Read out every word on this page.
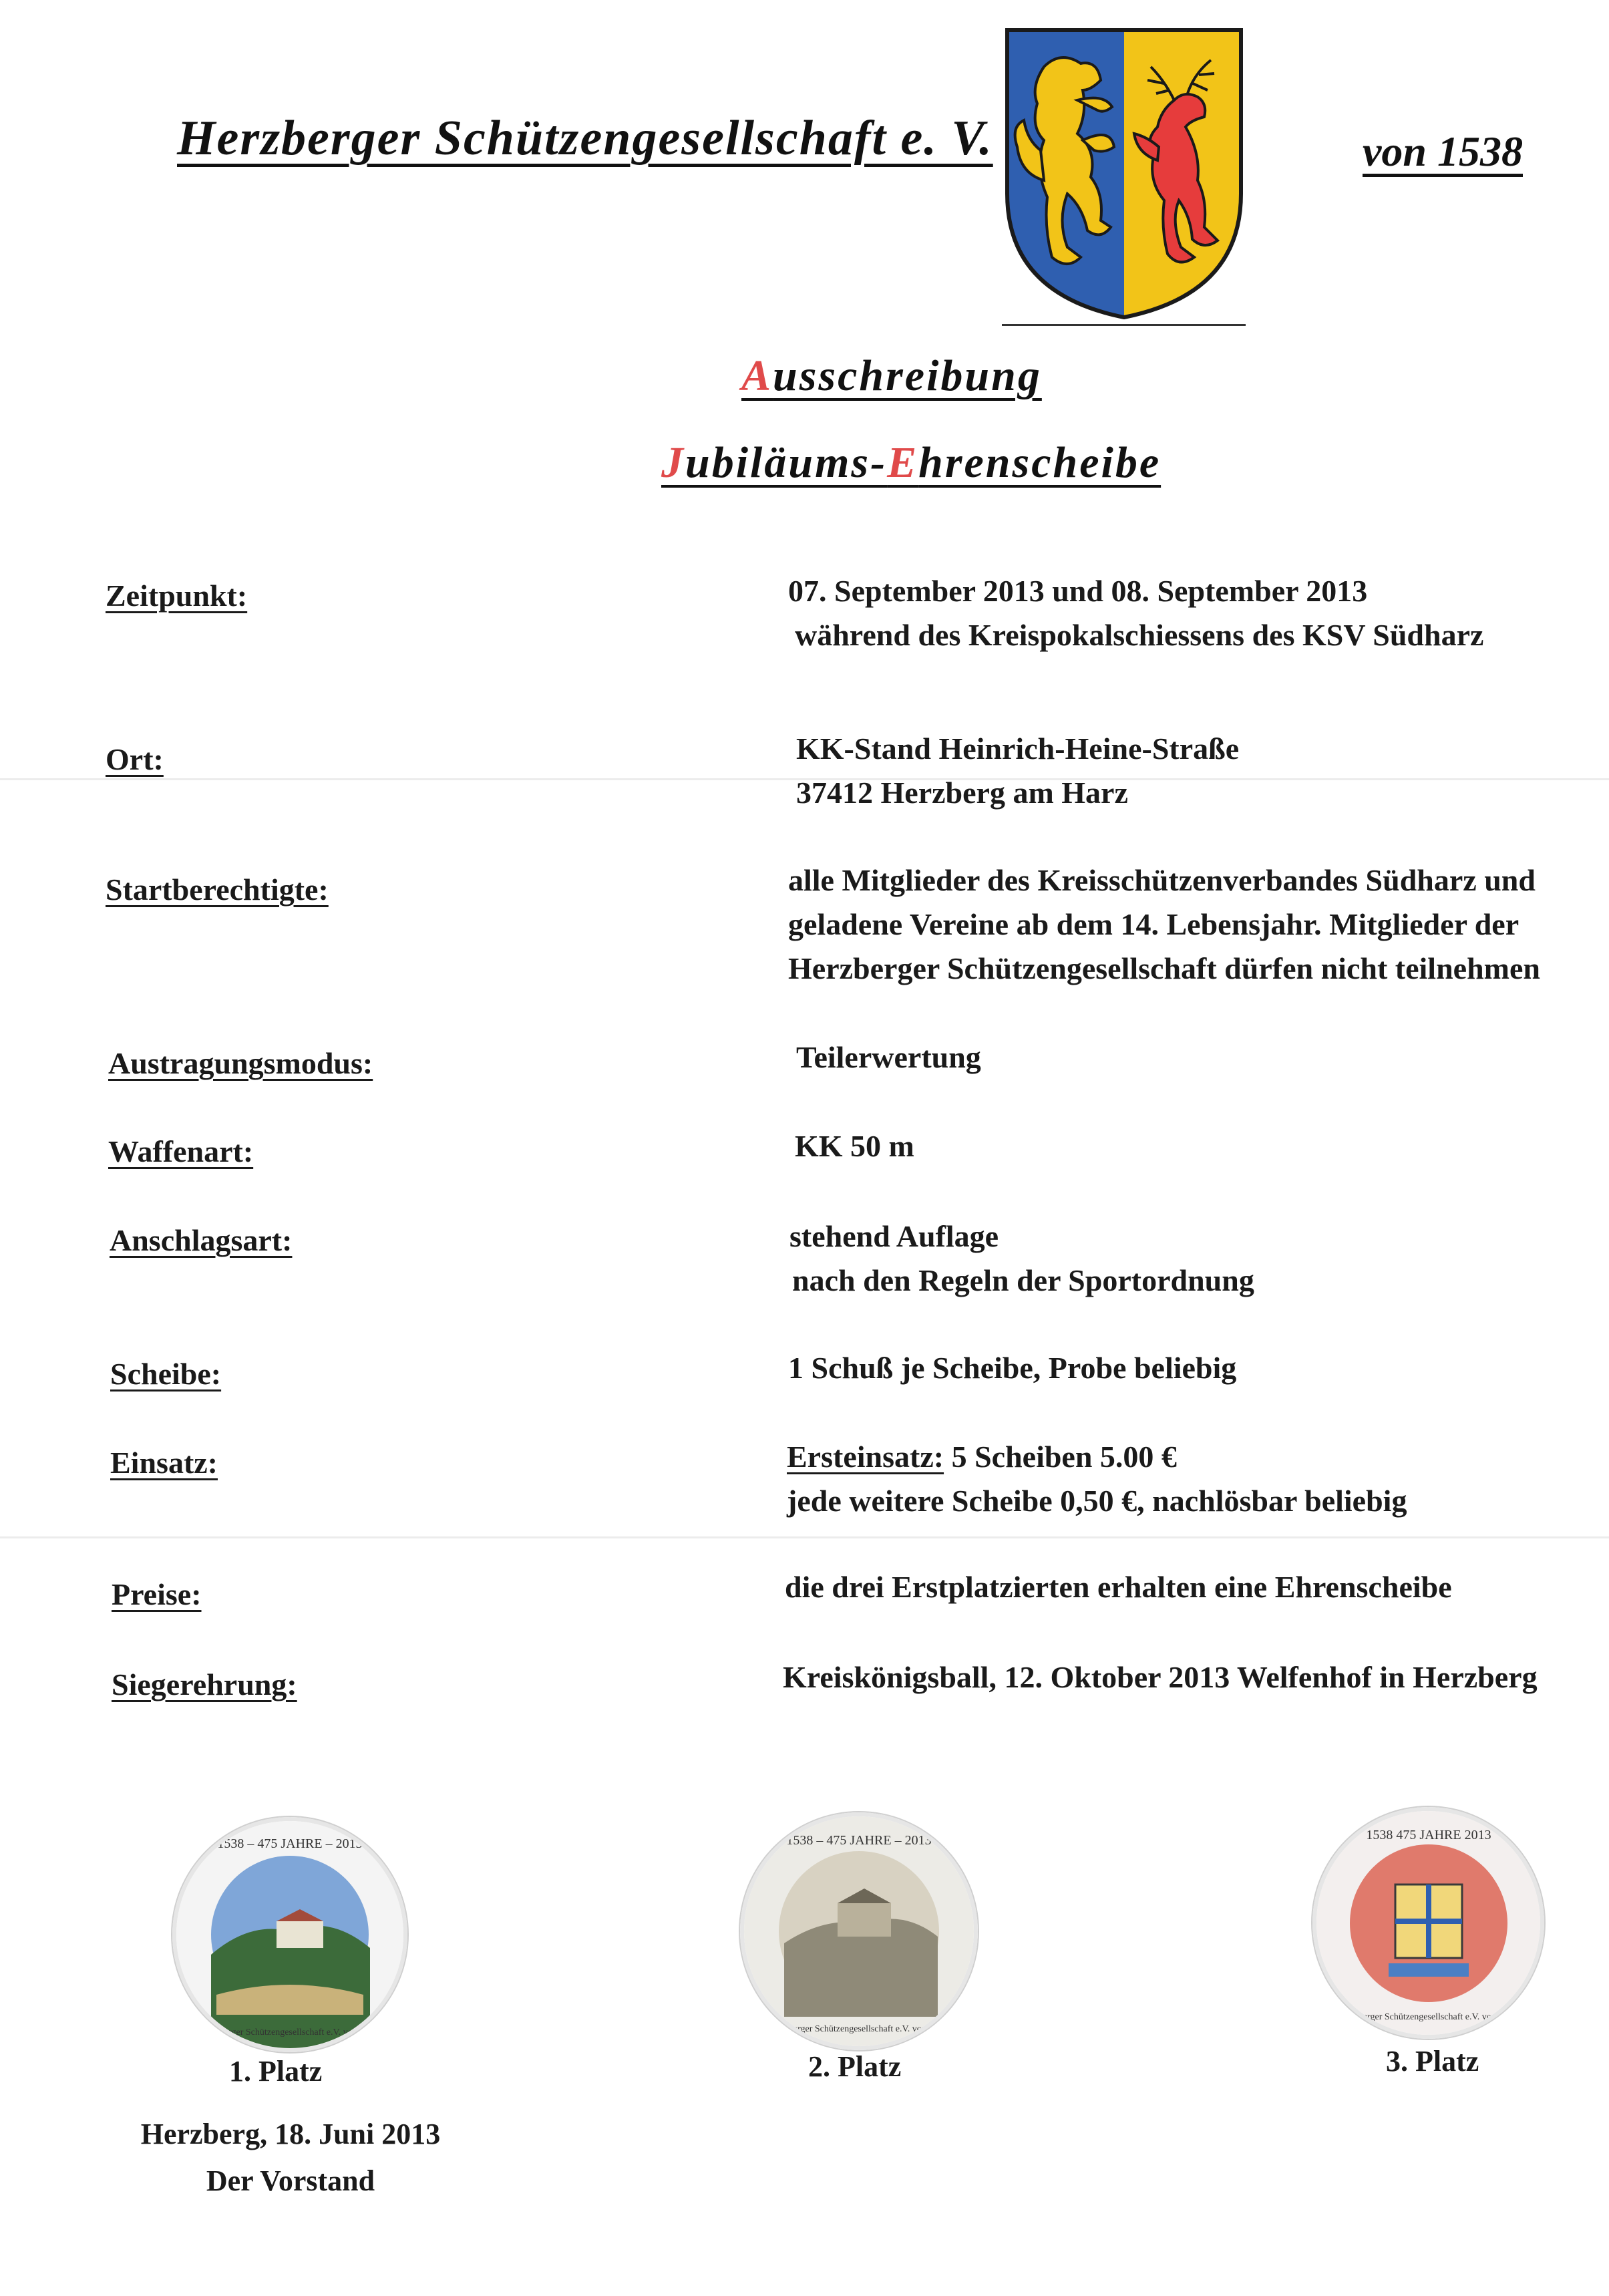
Herzberger Schützengesellschaft e. V.	von 1538
Ausschreibung
Jubiläums-Ehrenscheibe
Zeitpunkt:	07. September 2013 und 08. September 2013
während des Kreispokalschiessens des KSV Südharz
Ort:	KK-Stand Heinrich-Heine-Straße
37412 Herzberg am Harz
Startberechtigte:	alle Mitglieder des Kreisschützenverbandes Südharz und
geladene Vereine ab dem 14. Lebensjahr. Mitglieder der
Herzberger Schützengesellschaft dürfen nicht teilnehmen
Austragungsmodus:	Teilerwertung
Waffenart:	KK 50 m
Anschlagsart:	stehend Auflage
nach den Regeln der Sportordnung
Scheibe:	1 Schuß je Scheibe, Probe beliebig
Einsatz:	Ersteinsatz: 5 Scheiben 5.00 €
jede weitere Scheibe 0,50 €, nachlösbar beliebig
Preise:	die drei Erstplatzierten erhalten eine Ehrenscheibe
Siegerehrung:	Kreiskönigsball, 12. Oktober 2013 Welfenhof in Herzberg
1538 – 475 JAHRE – 2013
Herzberger Schützengesellschaft e.V. von 1538
1. Platz
1538 – 475 JAHRE – 2013
Herzberger Schützengesellschaft e.V. von 1538
2. Platz
1538 475 JAHRE 2013
Herzberger Schützengesellschaft e.V. von 1538
3. Platz
Herzberg, 18. Juni 2013
Der Vorstand
